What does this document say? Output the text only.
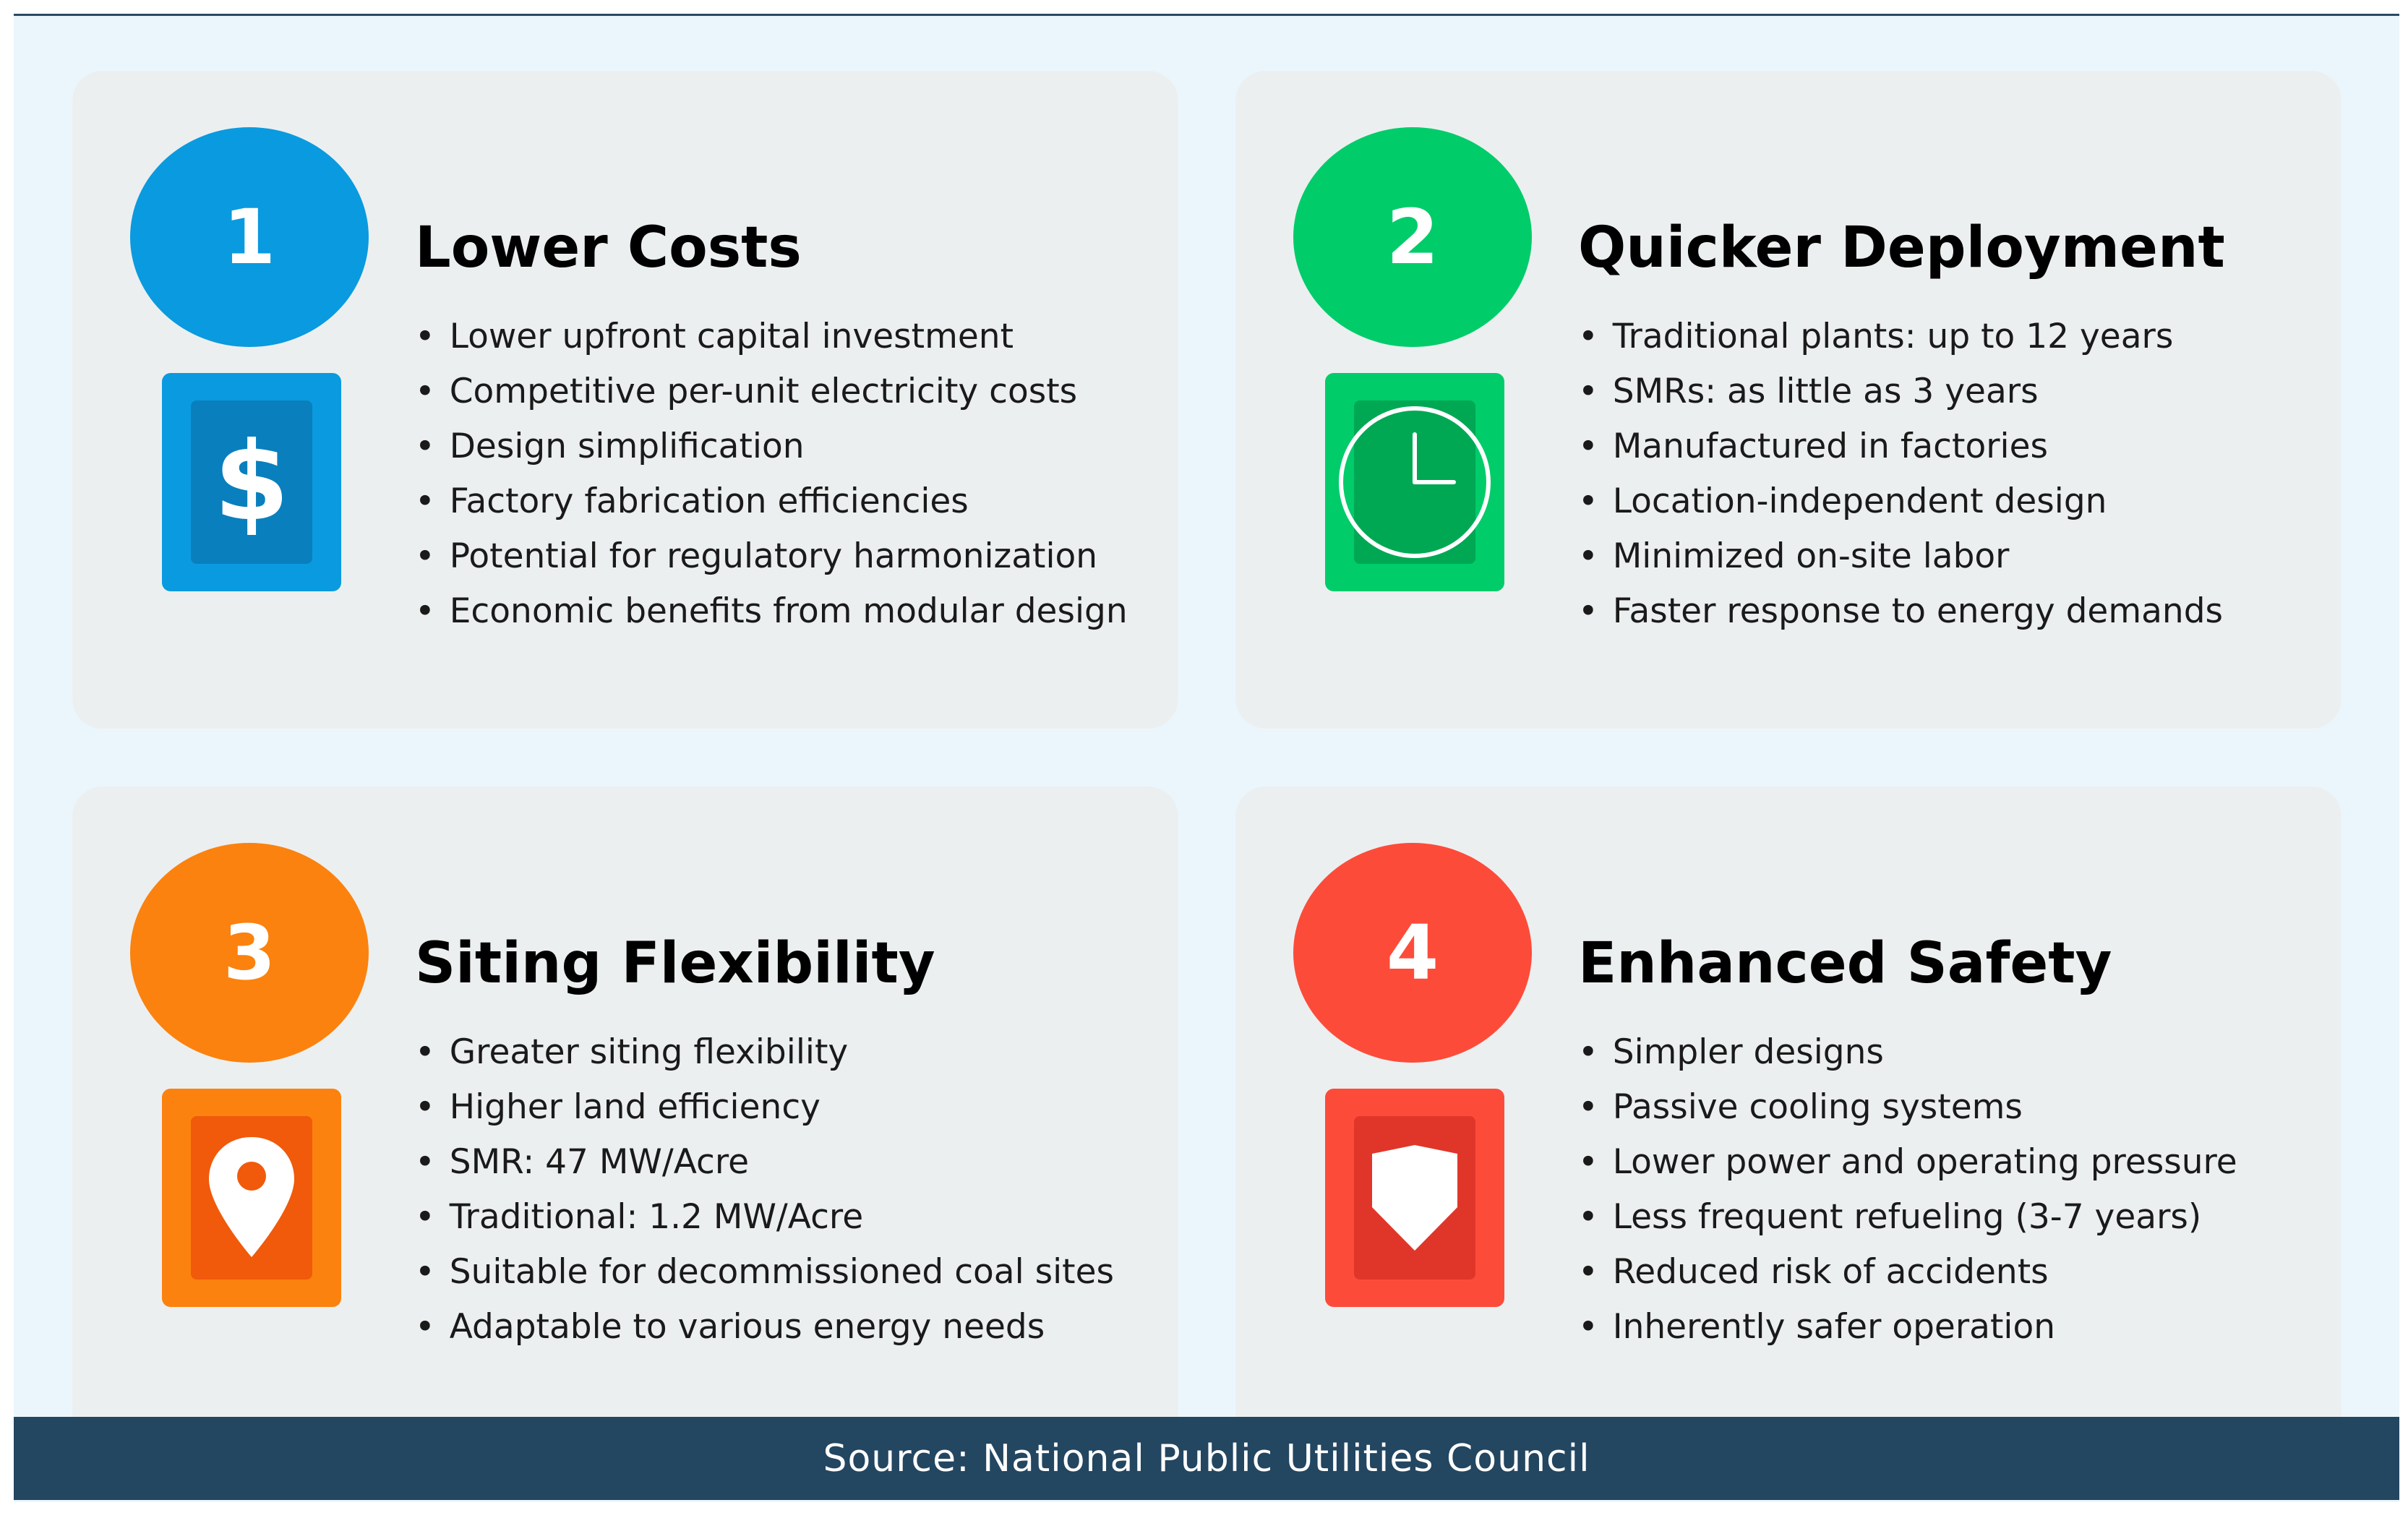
1
$
Lower Costs
• Lower upfront capital investment
• Competitive per-unit electricity costs
• Design simplification
• Factory fabrication efficiencies
• Potential for regulatory harmonization
• Economic benefits from modular design
2	Quicker Deployment
• Traditional plants: up to 12 years
• SMRs: as little as 3 years
• Manufactured in factories
• Location-independent design
• Minimized on-site labor
• Faster response to energy demands
3	Siting Flexibility
• Greater siting flexibility
• Higher land efficiency
• SMR: 47 MW/Acre
• Traditional: 1.2 MW/Acre
• Suitable for decommissioned coal sites
• Adaptable to various energy needs
4	Enhanced Safety
• Simpler designs
• Passive cooling systems
• Lower power and operating pressure
• Less frequent refueling (3-7 years)
• Reduced risk of accidents
• Inherently safer operation
Source: National Public Utilities Council
